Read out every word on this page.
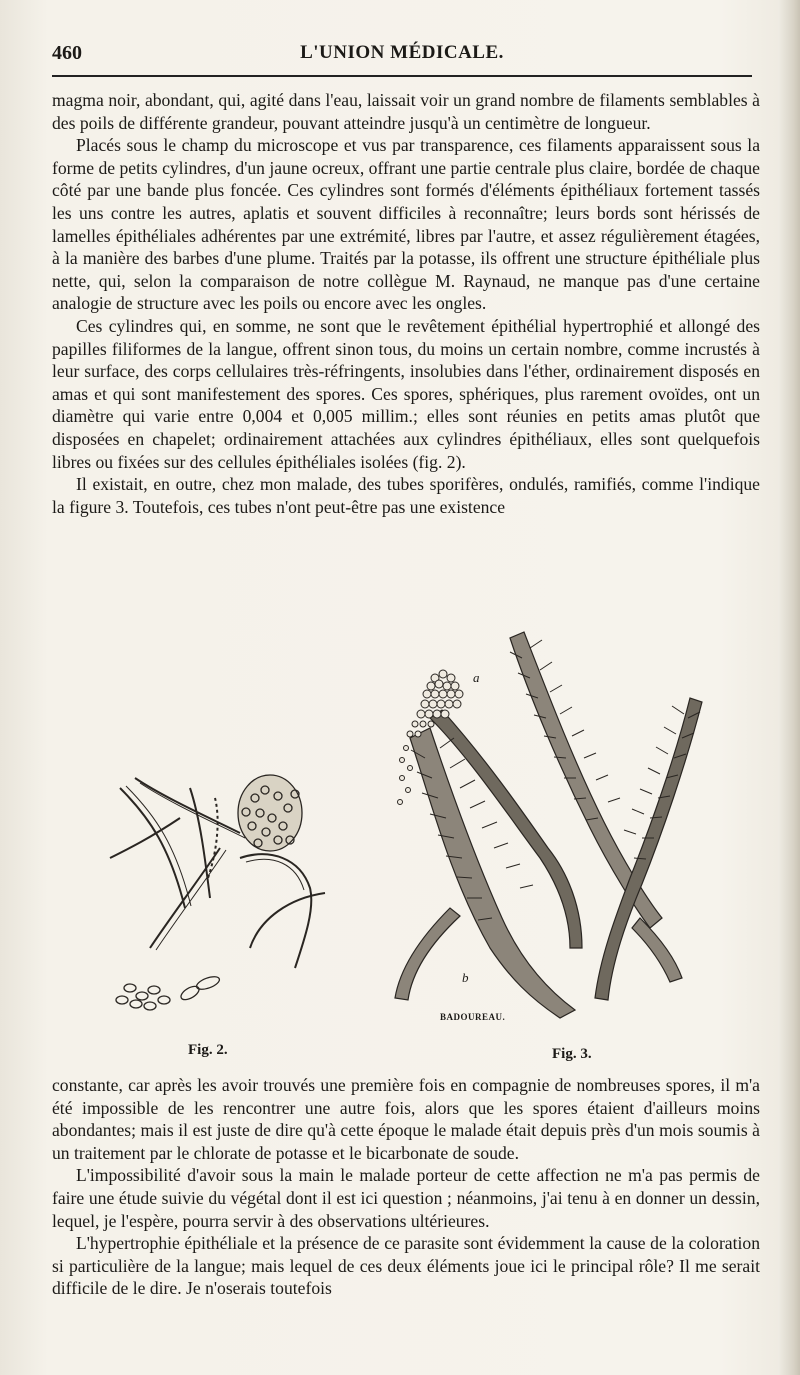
460	L'UNION MÉDICALE.

magma noir, abondant, qui, agité dans l'eau, laissait voir un grand nombre de filaments semblables à des poils de différente grandeur, pouvant atteindre jusqu'à un centimètre de longueur.

Placés sous le champ du microscope et vus par transparence, ces filaments apparaissent sous la forme de petits cylindres, d'un jaune ocreux, offrant une partie centrale plus claire, bordée de chaque côté par une bande plus foncée. Ces cylindres sont formés d'éléments épithéliaux fortement tassés les uns contre les autres, aplatis et souvent difficiles à reconnaître; leurs bords sont hérissés de lamelles épithéliales adhérentes par une extrémité, libres par l'autre, et assez régulièrement étagées, à la manière des barbes d'une plume. Traités par la potasse, ils offrent une structure épithéliale plus nette, qui, selon la comparaison de notre collègue M. Raynaud, ne manque pas d'une certaine analogie de structure avec les poils ou encore avec les ongles.

Ces cylindres qui, en somme, ne sont que le revêtement épithélial hypertrophié et allongé des papilles filiformes de la langue, offrent sinon tous, du moins un certain nombre, comme incrustés à leur surface, des corps cellulaires très-réfringents, insolubies dans l'éther, ordinairement disposés en amas et qui sont manifestement des spores. Ces spores, sphériques, plus rarement ovoïdes, ont un diamètre qui varie entre 0,004 et 0,005 millim.; elles sont réunies en petits amas plutôt que disposées en chapelet; ordinairement attachées aux cylindres épithéliaux, elles sont quelquefois libres ou fixées sur des cellules épithéliales isolées (fig. 2).

Il existait, en outre, chez mon malade, des tubes sporifères, ondulés, ramifiés, comme l'indique la figure 3. Toutefois, ces tubes n'ont peut-être pas une existence

a
b
BADOUREAU.
Fig. 2.	Fig. 3.

constante, car après les avoir trouvés une première fois en compagnie de nombreuses spores, il m'a été impossible de les rencontrer une autre fois, alors que les spores étaient d'ailleurs moins abondantes; mais il est juste de dire qu'à cette époque le malade était depuis près d'un mois soumis à un traitement par le chlorate de potasse et le bicarbonate de soude.

L'impossibilité d'avoir sous la main le malade porteur de cette affection ne m'a pas permis de faire une étude suivie du végétal dont il est ici question ; néanmoins, j'ai tenu à en donner un dessin, lequel, je l'espère, pourra servir à des observations ultérieures.

L'hypertrophie épithéliale et la présence de ce parasite sont évidemment la cause de la coloration si particulière de la langue; mais lequel de ces deux éléments joue ici le principal rôle? Il me serait difficile de le dire. Je n'oserais toutefois
